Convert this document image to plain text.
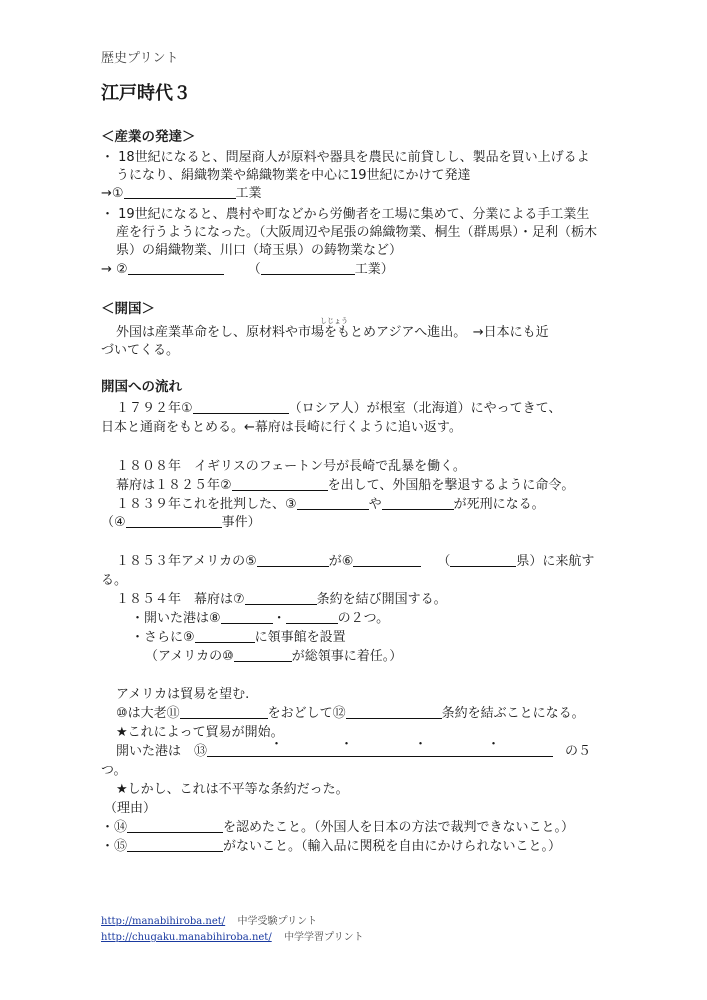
歴史プリント
江戸時代３
＜産業の発達＞
・ 18世紀になると、問屋商人が原料や器具を農民に前貸しし、製品を買い上げるよ
うになり、絹織物業や綿織物業を中心に19世紀にかけて発達
→①	工業
・ 19世紀になると、農村や町などから労働者を工場に集めて、分業による手工業生
産を行うようになった。（大阪周辺や尾張の綿織物業、桐生（群馬県）・足利（栃木
県）の絹織物業、川口（埼玉県）の鋳物業など）
→ ②	（	工業）
＜開国＞
しじょう
外国は産業革命をし、原材料や市場をもとめアジアへ進出。　→日本にも近
づいてくる。
開国への流れ
１７９２年①	（ロシア人）が根室（北海道）にやってきて、
日本と通商をもとめる。←幕府は長崎に行くように追い返す。
１８０８年　イギリスのフェートン号が長崎で乱暴を働く。
幕府は１８２５年②	を出して、外国船を撃退するように命令。
１８３９年これを批判した、③	や	が死刑になる。
（④	事件）
１８５３年アメリカの⑤	が⑥	（	県）に来航す
る。
１８５４年　幕府は⑦	条約を結び開国する。
・開いた港は⑧	・	の２つ。
・さらに⑨	に領事館を設置
（アメリカの⑩	が総領事に着任。）
アメリカは貿易を望む.
⑩は大老⑪	をおどして⑫	条約を結ぶことになる。
★これによって貿易が開始。
開いた港は　⑬	・	・	・	・	の５
つ。
★しかし、これは不平等な条約だった。
（理由）
・⑭	を認めたこと。（外国人を日本の方法で裁判できないこと。）
・⑮	がないこと。（輸入品に関税を自由にかけられないこと。）
http://manabihiroba.net/ 中学受験プリント
http://chugaku.manabihiroba.net/ 中学学習プリント
